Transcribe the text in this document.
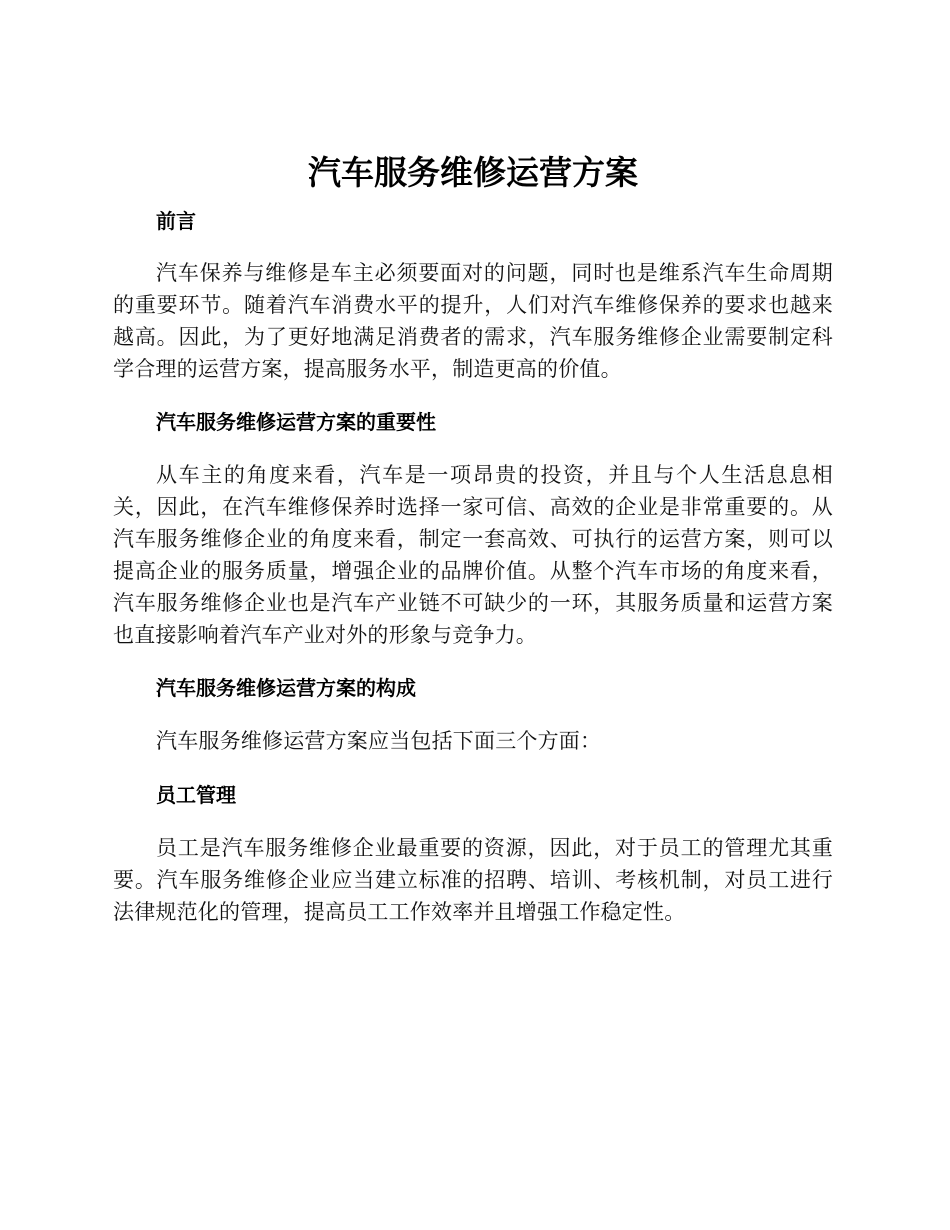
汽车服务维修运营方案
前言

汽车保养与维修是车主必须要面对的问题，同时也是维系汽车生命周期的重要环节。随着汽车消费水平的提升，人们对汽车维修保养的要求也越来越高。因此，为了更好地满足消费者的需求，汽车服务维修企业需要制定科学合理的运营方案，提高服务水平，制造更高的价值。

汽车服务维修运营方案的重要性

从车主的角度来看，汽车是一项昂贵的投资，并且与个人生活息息相关，因此，在汽车维修保养时选择一家可信、高效的企业是非常重要的。从汽车服务维修企业的角度来看，制定一套高效、可执行的运营方案，则可以提高企业的服务质量，增强企业的品牌价值。从整个汽车市场的角度来看，汽车服务维修企业也是汽车产业链不可缺少的一环，其服务质量和运营方案也直接影响着汽车产业对外的形象与竞争力。

汽车服务维修运营方案的构成

汽车服务维修运营方案应当包括下面三个方面：

员工管理

员工是汽车服务维修企业最重要的资源，因此，对于员工的管理尤其重要。汽车服务维修企业应当建立标准的招聘、培训、考核机制，对员工进行法律规范化的管理，提高员工工作效率并且增强工作稳定性。
